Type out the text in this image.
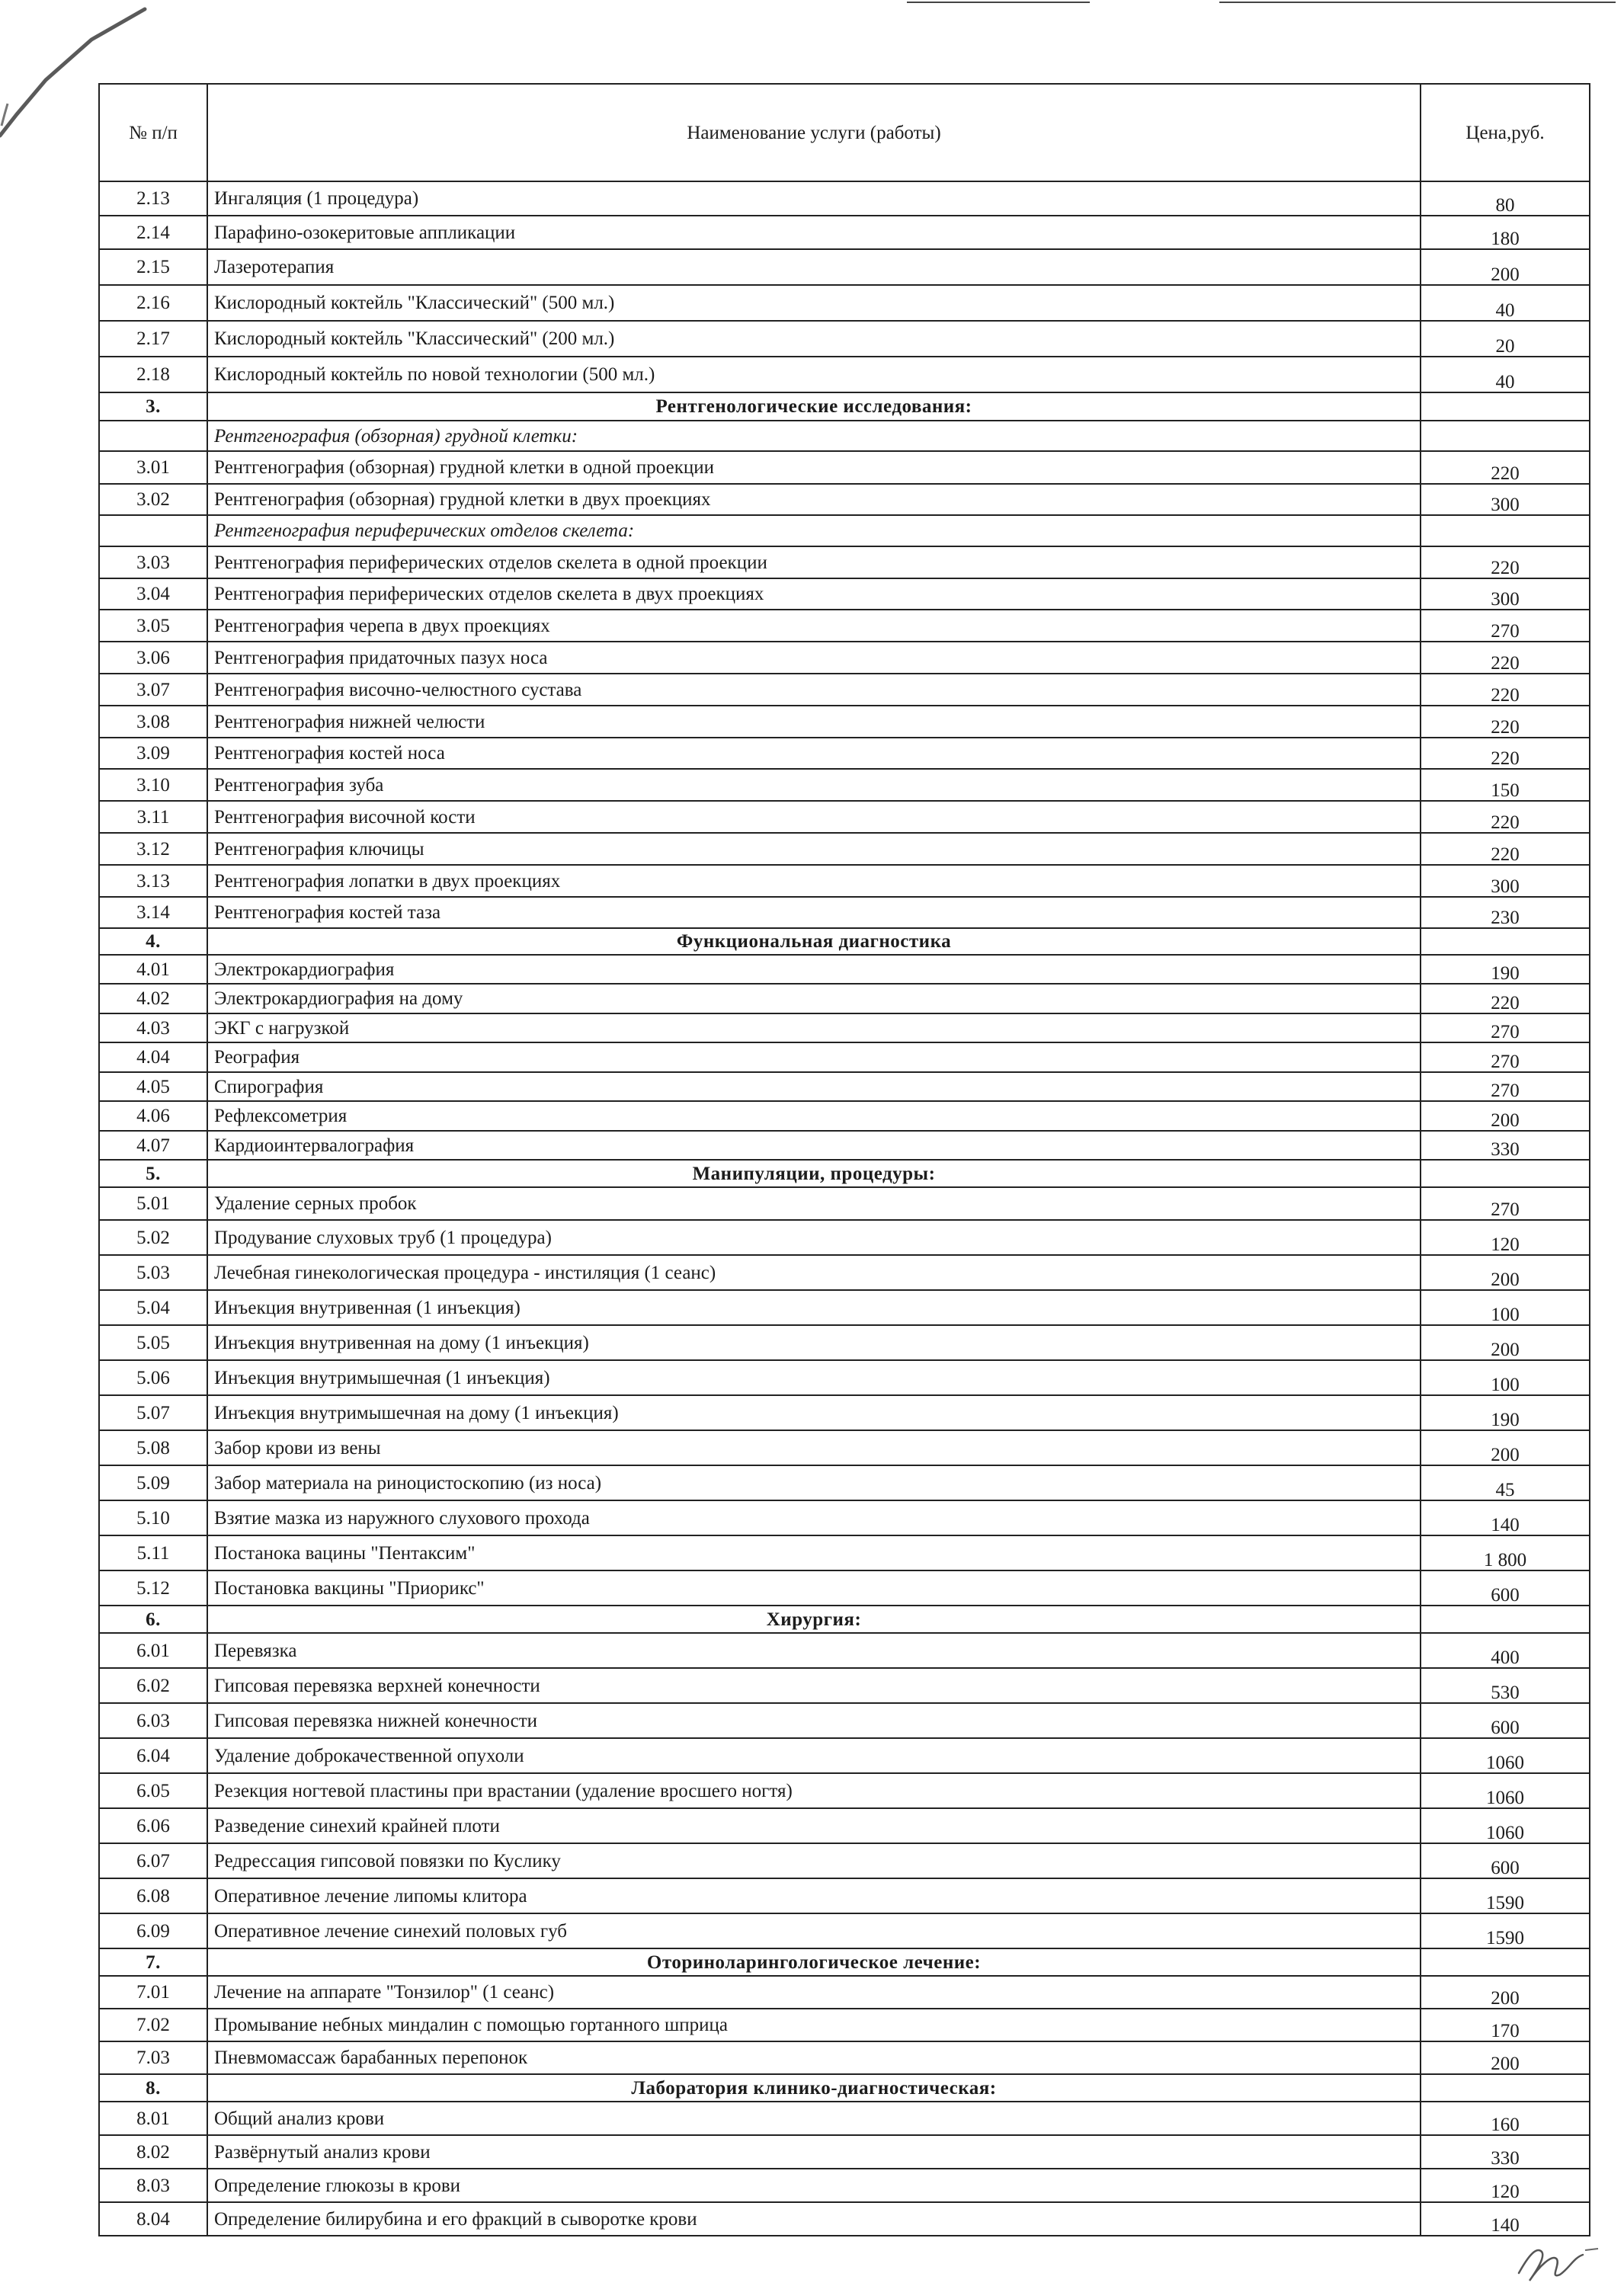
№ п/п	Наименование услуги (работы)	Цена,руб.
2.13	Ингаляция (1 процедура)	80
2.14	Парафино-озокеритовые аппликации	180
2.15	Лазеротерапия	200
2.16	Кислородный коктейль "Классический" (500 мл.)	40
2.17	Кислородный коктейль "Классический" (200 мл.)	20
2.18	Кислородный коктейль по новой технологии (500 мл.)	40
3.	Рентгенологические исследования:	
	Рентгенография (обзорная) грудной клетки:	
3.01	Рентгенография (обзорная) грудной клетки в одной проекции	220
3.02	Рентгенография (обзорная) грудной клетки в двух проекциях	300
	Рентгенография периферических отделов скелета:	
3.03	Рентгенография периферических отделов скелета в одной проекции	220
3.04	Рентгенография периферических отделов скелета в двух проекциях	300
3.05	Рентгенография черепа в двух проекциях	270
3.06	Рентгенография придаточных пазух носа	220
3.07	Рентгенография височно-челюстного сустава	220
3.08	Рентгенография нижней челюсти	220
3.09	Рентгенография костей носа	220
3.10	Рентгенография зуба	150
3.11	Рентгенография височной кости	220
3.12	Рентгенография ключицы	220
3.13	Рентгенография лопатки в двух проекциях	300
3.14	Рентгенография костей таза	230
4.	Функциональная диагностика	
4.01	Электрокардиография	190
4.02	Электрокардиография на дому	220
4.03	ЭКГ с нагрузкой	270
4.04	Реография	270
4.05	Спирография	270
4.06	Рефлексометрия	200
4.07	Кардиоинтервалография	330
5.	Манипуляции, процедуры:	
5.01	Удаление серных пробок	270
5.02	Продувание слуховых труб (1 процедура)	120
5.03	Лечебная гинекологическая процедура - инстиляция (1 сеанс)	200
5.04	Инъекция внутривенная (1 инъекция)	100
5.05	Инъекция внутривенная на дому (1 инъекция)	200
5.06	Инъекция внутримышечная (1 инъекция)	100
5.07	Инъекция внутримышечная на дому (1 инъекция)	190
5.08	Забор крови из вены	200
5.09	Забор материала на риноцистоскопию (из носа)	45
5.10	Взятие мазка из наружного слухового прохода	140
5.11	Постанока вацины "Пентаксим"	1 800
5.12	Постановка вакцины "Приорикс"	600
6.	Хирургия:	
6.01	Перевязка	400
6.02	Гипсовая перевязка верхней конечности	530
6.03	Гипсовая перевязка нижней конечности	600
6.04	Удаление доброкачественной опухоли	1060
6.05	Резекция ногтевой пластины при врастании (удаление вросшего ногтя)	1060
6.06	Разведение синехий крайней плоти	1060
6.07	Редрессация гипсовой повязки по Куслику	600
6.08	Оперативное лечение липомы клитора	1590
6.09	Оперативное лечение синехий половых губ	1590
7.	Оториноларингологическое лечение:	
7.01	Лечение на аппарате "Тонзилор" (1 сеанс)	200
7.02	Промывание небных миндалин с помощью гортанного шприца	170
7.03	Пневмомассаж барабанных перепонок	200
8.	Лаборатория клинико-диагностическая:	
8.01	Общий анализ крови	160
8.02	Развёрнутый анализ крови	330
8.03	Определение глюкозы в крови	120
8.04	Определение билирубина и его фракций в сыворотке крови	140
